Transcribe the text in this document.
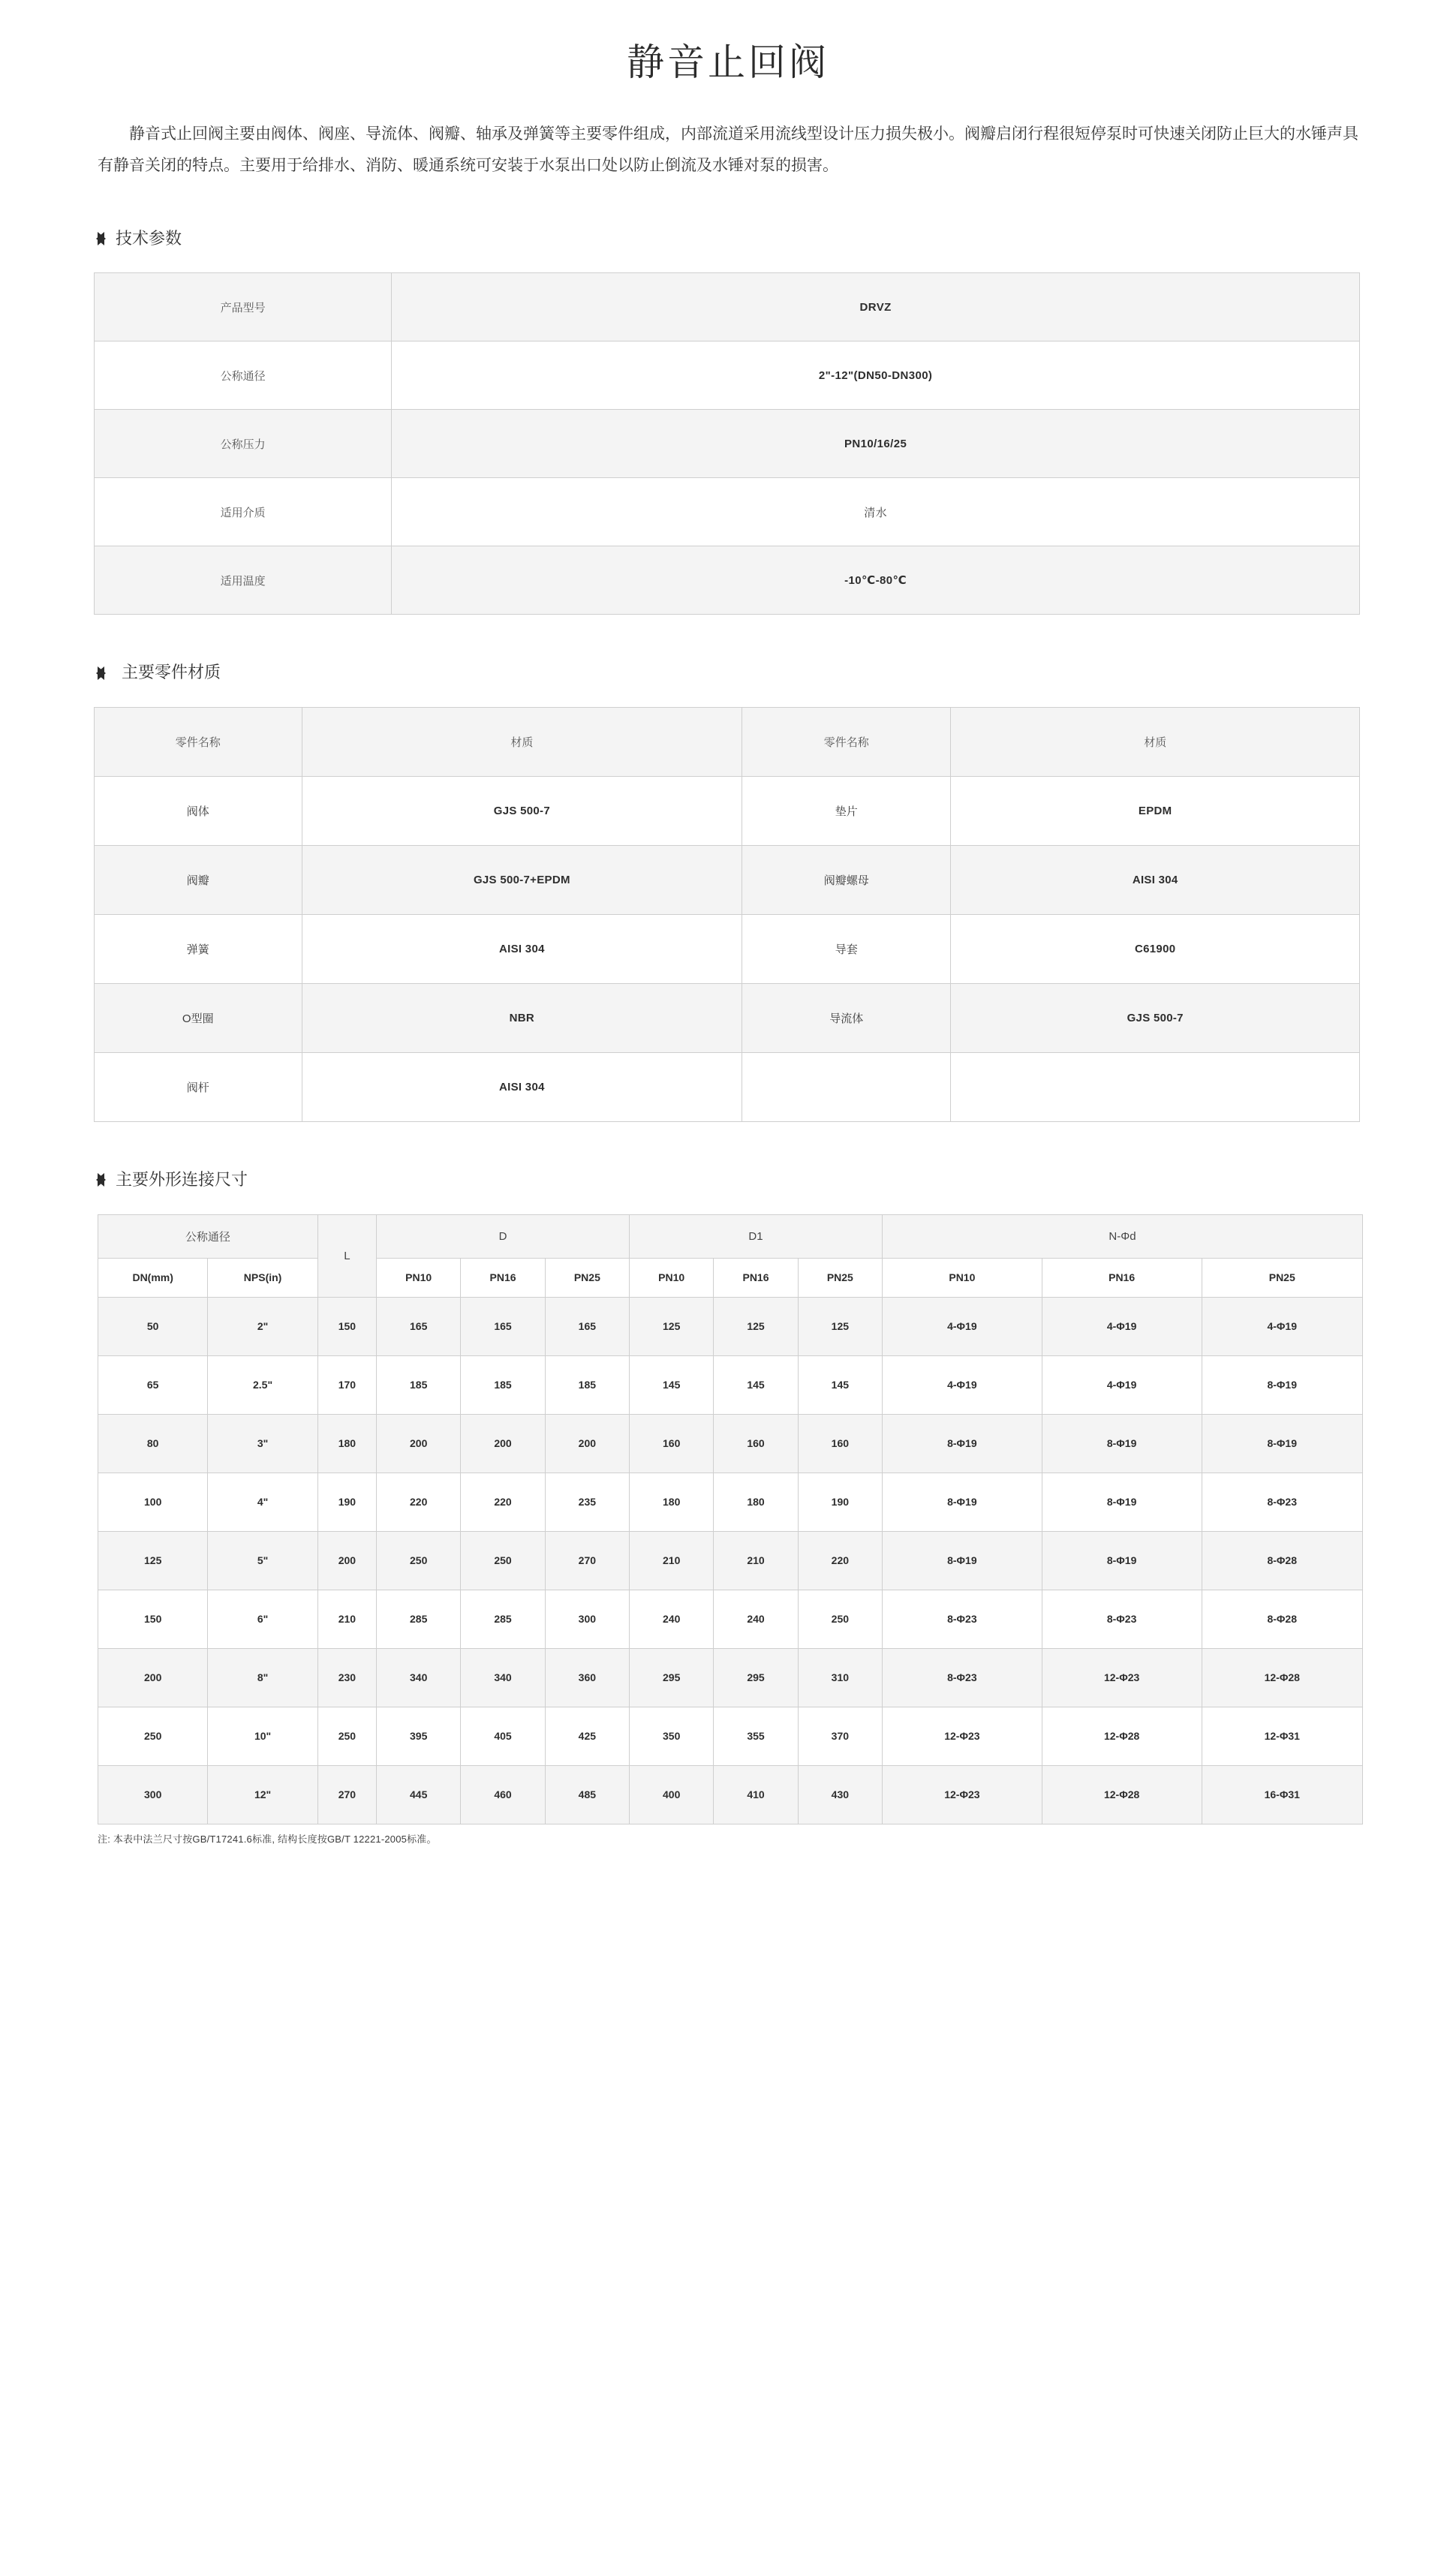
静音止回阀

静音式止回阀主要由阀体、阀座、导流体、阀瓣、轴承及弹簧等主要零件组成，内部流道采用流线型设计压力损失极小。阀瓣启闭行程很短停泵时可快速关闭防止巨大的水锤声具有静音关闭的特点。主要用于给排水、消防、暖通系统可安装于水泵出口处以防止倒流及水锤对泵的损害。

技术参数
产品型号	DRVZ
公称通径	2"-12"(DN50-DN300)
公称压力	PN10/16/25
适用介质	清水
适用温度	-10℃-80℃
主要零件材质
零件名称	材质	零件名称	材质
阀体	GJS 500-7	垫片	EPDM
阀瓣	GJS 500-7+EPDM	阀瓣螺母	AISI 304
弹簧	AISI 304	导套	C61900
O型圈	NBR	导流体	GJS 500-7
阀杆	AISI 304		
主要外形连接尺寸
公称通径		L	D			D1			N-Φd		
DN(mm)	NPS(in)		PN10	PN16	PN25	PN10	PN16	PN25	PN10	PN16	PN25
50	2"	150	165	165	165	125	125	125	4-Φ19	4-Φ19	4-Φ19
65	2.5"	170	185	185	185	145	145	145	4-Φ19	4-Φ19	8-Φ19
80	3"	180	200	200	200	160	160	160	8-Φ19	8-Φ19	8-Φ19
100	4"	190	220	220	235	180	180	190	8-Φ19	8-Φ19	8-Φ23
125	5"	200	250	250	270	210	210	220	8-Φ19	8-Φ19	8-Φ28
150	6"	210	285	285	300	240	240	250	8-Φ23	8-Φ23	8-Φ28
200	8"	230	340	340	360	295	295	310	8-Φ23	12-Φ23	12-Φ28
250	10"	250	395	405	425	350	355	370	12-Φ23	12-Φ28	12-Φ31
300	12"	270	445	460	485	400	410	430	12-Φ23	12-Φ28	16-Φ31
注: 本表中法兰尺寸按GB/T17241.6标准, 结构长度按GB/T 12221-2005标准。
